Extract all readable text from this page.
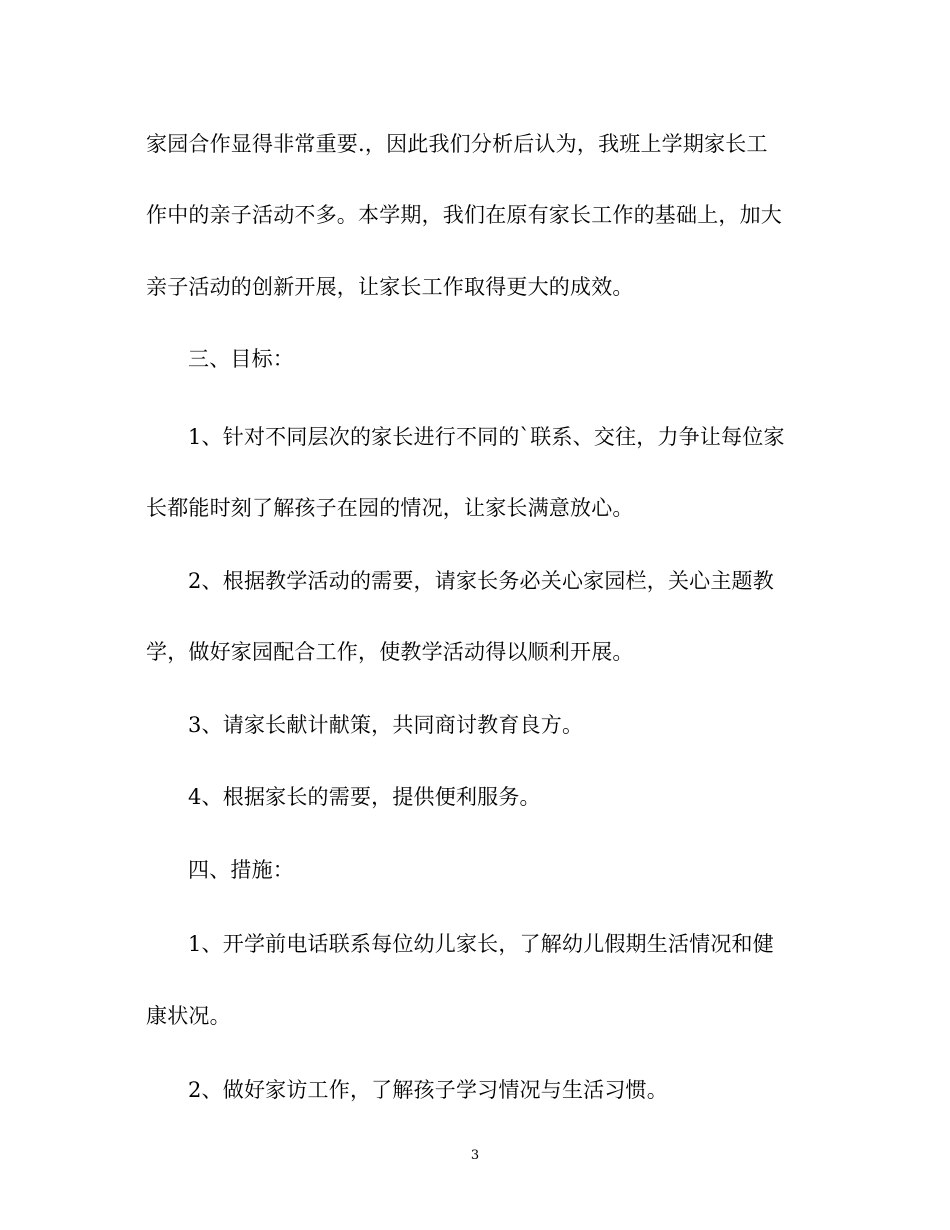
家园合作显得非常重要.，因此我们分析后认为，我班上学期家长工
作中的亲子活动不多。本学期，我们在原有家长工作的基础上，加大
亲子活动的创新开展，让家长工作取得更大的成效。
三、目标：
1、针对不同层次的家长进行不同的`联系、交往，力争让每位家
长都能时刻了解孩子在园的情况，让家长满意放心。
2、根据教学活动的需要，请家长务必关心家园栏，关心主题教
学，做好家园配合工作，使教学活动得以顺利开展。
3、请家长献计献策，共同商讨教育良方。
4、根据家长的需要，提供便利服务。
四、措施：
1、开学前电话联系每位幼儿家长，了解幼儿假期生活情况和健
康状况。
2、做好家访工作，了解孩子学习情况与生活习惯。
3
